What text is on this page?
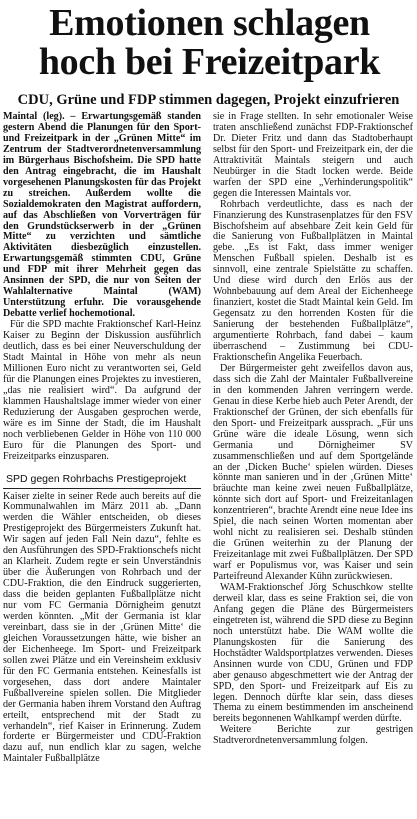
Emotionen schlagen
hoch bei Freizeitpark
CDU, Grüne und FDP stimmen dagegen, Projekt einzufrieren

Maintal (leg). – Erwartungsgemäß standen gestern Abend die Planungen für den Sport- und Freizeitpark in der „Grünen Mitte“ im Zentrum der Stadtverordnetenversammlung im Bürgerhaus Bischofsheim. Die SPD hatte den Antrag eingebracht, die im Haushalt vorgesehenen Planungskosten für das Projekt zu streichen. Außerdem wollte die Sozialdemokraten den Magistrat auffordern, auf das Abschließen von Vorverträgen für den Grundstückserwerb in der „Grünen Mitte“ zu verzichten und sämtliche Aktivitäten diesbezüglich einzustellen. Erwartungsgemäß stimmten CDU, Grüne und FDP mit ihrer Mehrheit gegen das Ansinnen der SPD, die nur von Seiten der Wahlalternative Maintal (WAM) Unterstützung erfuhr. Die vorausgehende Debatte verlief hochemotional.

Für die SPD machte Fraktionschef Karl-Heinz Kaiser zu Beginn der Diskussion ausführlich deutlich, dass es bei einer Neuverschuldung der Stadt Maintal in Höhe von mehr als neun Millionen Euro nicht zu verantworten sei, Geld für die Planungen eines Projektes zu investieren, „das nie realisiert wird“. Da aufgrund der klammen Haushaltslage immer wieder von einer Reduzierung der Ausgaben gesprochen werde, wäre es im Sinne der Stadt, die im Haushalt noch verbliebenen Gelder in Höhe von 110 000 Euro für die Planungen des Sport- und Freizeitparks einzusparen.

SPD gegen Rohrbachs Prestigeprojekt

Kaiser zielte in seiner Rede auch bereits auf die Kommunalwahlen im März 2011 ab. „Dann werden die Wähler entscheiden, ob dieses Prestigeprojekt des Bürgermeisters Zukunft hat. Wir sagen auf jeden Fall Nein dazu“, fehlte es den Ausführungen des SPD-Fraktionschefs nicht an Klarheit. Zudem regte er sein Unverständnis über die Äußerungen von Rohrbach und der CDU-Fraktion, die den Eindruck suggerierten, dass die beiden geplanten Fußballplätze nicht nur vom FC Germania Dörnigheim genutzt werden könnten. „Mit der Germania ist klar vereinbart, dass sie in der ‚Grünen Mitte‘ die gleichen Voraussetzungen hätte, wie bisher an der Eichenheege. Im Sport- und Freizeitpark sollen zwei Plätze und ein Vereinsheim exklusiv für den FC Germania entstehen. Keinesfalls ist vorgesehen, dass dort andere Maintaler Fußballvereine spielen sollen. Die Mitglieder der Germania haben ihrem Vorstand den Auftrag erteilt, entsprechend mit der Stadt zu verhandeln“, rief Kaiser in Erinnerung. Zudem forderte er Bürgermeister und CDU-Fraktion dazu auf, nun endlich klar zu sagen, welche Maintaler Fußballplätze

sie in Frage stellten. In sehr emotionaler Weise traten anschließend zunächst FDP-Fraktionschef Dr. Dieter Fritz und dann das Stadtoberhaupt selbst für den Sport- und Freizeitpark ein, der die Attraktivität Maintals steigern und auch Neubürger in die Stadt locken werde. Beide warfen der SPD eine „Verhinderungspolitik“ gegen die Interessen Maintals vor.

Rohrbach verdeutlichte, dass es nach der Finanzierung des Kunstrasenplatzes für den FSV Bischofsheim auf absehbare Zeit kein Geld für die Sanierung von Fußballplätzen in Maintal gebe. „Es ist Fakt, dass immer weniger Menschen Fußball spielen. Deshalb ist es sinnvoll, eine zentrale Spielstätte zu schaffen. Und diese wird durch den Erlös aus der Wohnbebauung auf dem Areal der Eichenheege finanziert, kostet die Stadt Maintal kein Geld. Im Gegensatz zu den horrenden Kosten für die Sanierung der bestehenden Fußballplätze“, argumentierte Rohrbach, fand dabei – kaum überraschend – Zustimmung bei CDU-Fraktionschefin Angelika Feuerbach.

Der Bürgermeister geht zweifellos davon aus, dass sich die Zahl der Maintaler Fußballvereine in den kommenden Jahren verringern werde. Genau in diese Kerbe hieb auch Peter Arendt, der Fraktionschef der Grünen, der sich ebenfalls für den Sport- und Freizeitpark aussprach. „Für uns Grüne wäre die ideale Lösung, wenn sich Germania und Dörnigheimer SV zusammenschließen und auf dem Sportgelände an der ‚Dicken Buche‘ spielen würden. Dieses könnte man sanieren und in der ‚Grünen Mitte‘ bräuchte man keine zwei neuen Fußballplätze, könnte sich dort auf Sport- und Freizeitanlagen konzentrieren“, brachte Arendt eine neue Idee ins Spiel, die nach seinen Worten momentan aber wohl nicht zu realisieren sei. Deshalb stünden die Grünen weiterhin zu der Planung der Freizeitanlage mit zwei Fußballplätzen. Der SPD warf er Populismus vor, was Kaiser und sein Parteifreund Alexander Kühn zurückwiesen.

WAM-Fraktionschef Jörg Schuschkow stellte derweil klar, dass es seine Fraktion sei, die von Anfang gegen die Pläne des Bürgermeisters eingetreten ist, während die SPD diese zu Beginn noch unterstützt habe. Die WAM wollte die Planungskosten für die Sanierung des Hochstädter Waldsportplatzes verwenden. Dieses Ansinnen wurde von CDU, Grünen und FDP aber genauso abgeschmettert wie der Antrag der SPD, den Sport- und Freizeitpark auf Eis zu legen. Dennoch dürfte klar sein, dass dieses Thema zu einem bestimmenden im anscheinend bereits begonnenen Wahlkampf werden dürfte.

Weitere Berichte zur gestrigen Stadtverordnetenversammlung folgen.
